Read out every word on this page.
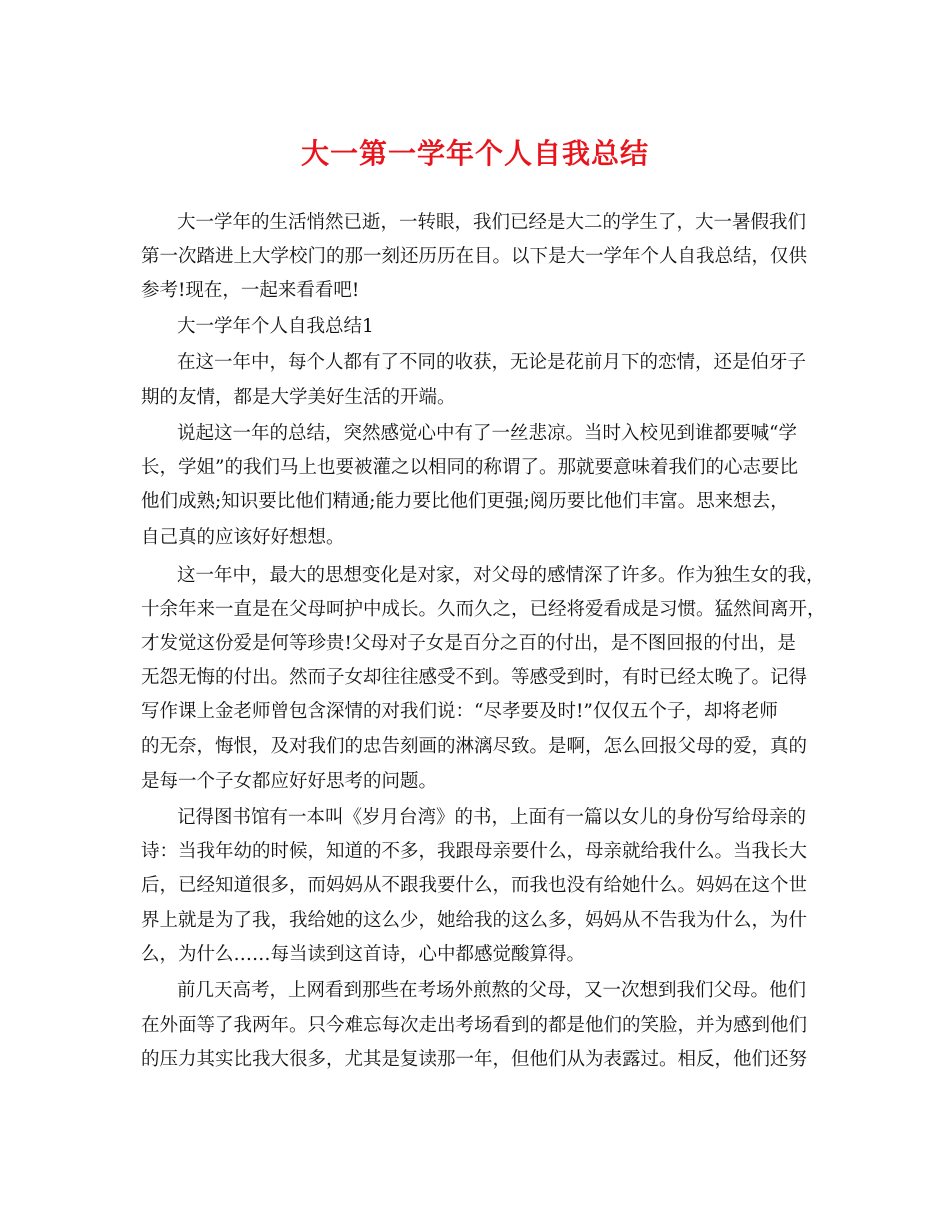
大一第一学年个人自我总结
大一学年的生活悄然已逝，一转眼，我们已经是大二的学生了，大一暑假我们
第一次踏进上大学校门的那一刻还历历在目。以下是大一学年个人自我总结，仅供
参考!现在，一起来看看吧!
大一学年个人自我总结1
在这一年中，每个人都有了不同的收获，无论是花前月下的恋情，还是伯牙子
期的友情，都是大学美好生活的开端。
说起这一年的总结，突然感觉心中有了一丝悲凉。当时入校见到谁都要喊“学
长，学姐”的我们马上也要被灌之以相同的称谓了。那就要意味着我们的心志要比
他们成熟;知识要比他们精通;能力要比他们更强;阅历要比他们丰富。思来想去，
自己真的应该好好想想。
这一年中，最大的思想变化是对家，对父母的感情深了许多。作为独生女的我，
十余年来一直是在父母呵护中成长。久而久之，已经将爱看成是习惯。猛然间离开，
才发觉这份爱是何等珍贵!父母对子女是百分之百的付出，是不图回报的付出，是
无怨无悔的付出。然而子女却往往感受不到。等感受到时，有时已经太晚了。记得
写作课上金老师曾包含深情的对我们说：“尽孝要及时!”仅仅五个子，却将老师
的无奈，悔恨，及对我们的忠告刻画的淋漓尽致。是啊，怎么回报父母的爱，真的
是每一个子女都应好好思考的问题。
记得图书馆有一本叫《岁月台湾》的书，上面有一篇以女儿的身份写给母亲的
诗：当我年幼的时候，知道的不多，我跟母亲要什么，母亲就给我什么。当我长大
后，已经知道很多，而妈妈从不跟我要什么，而我也没有给她什么。妈妈在这个世
界上就是为了我，我给她的这么少，她给我的这么多，妈妈从不告我为什么，为什
么，为什么……每当读到这首诗，心中都感觉酸算得。
前几天高考，上网看到那些在考场外煎熬的父母，又一次想到我们父母。他们
在外面等了我两年。只今难忘每次走出考场看到的都是他们的笑脸，并为感到他们
的压力其实比我大很多，尤其是复读那一年，但他们从为表露过。相反，他们还努
